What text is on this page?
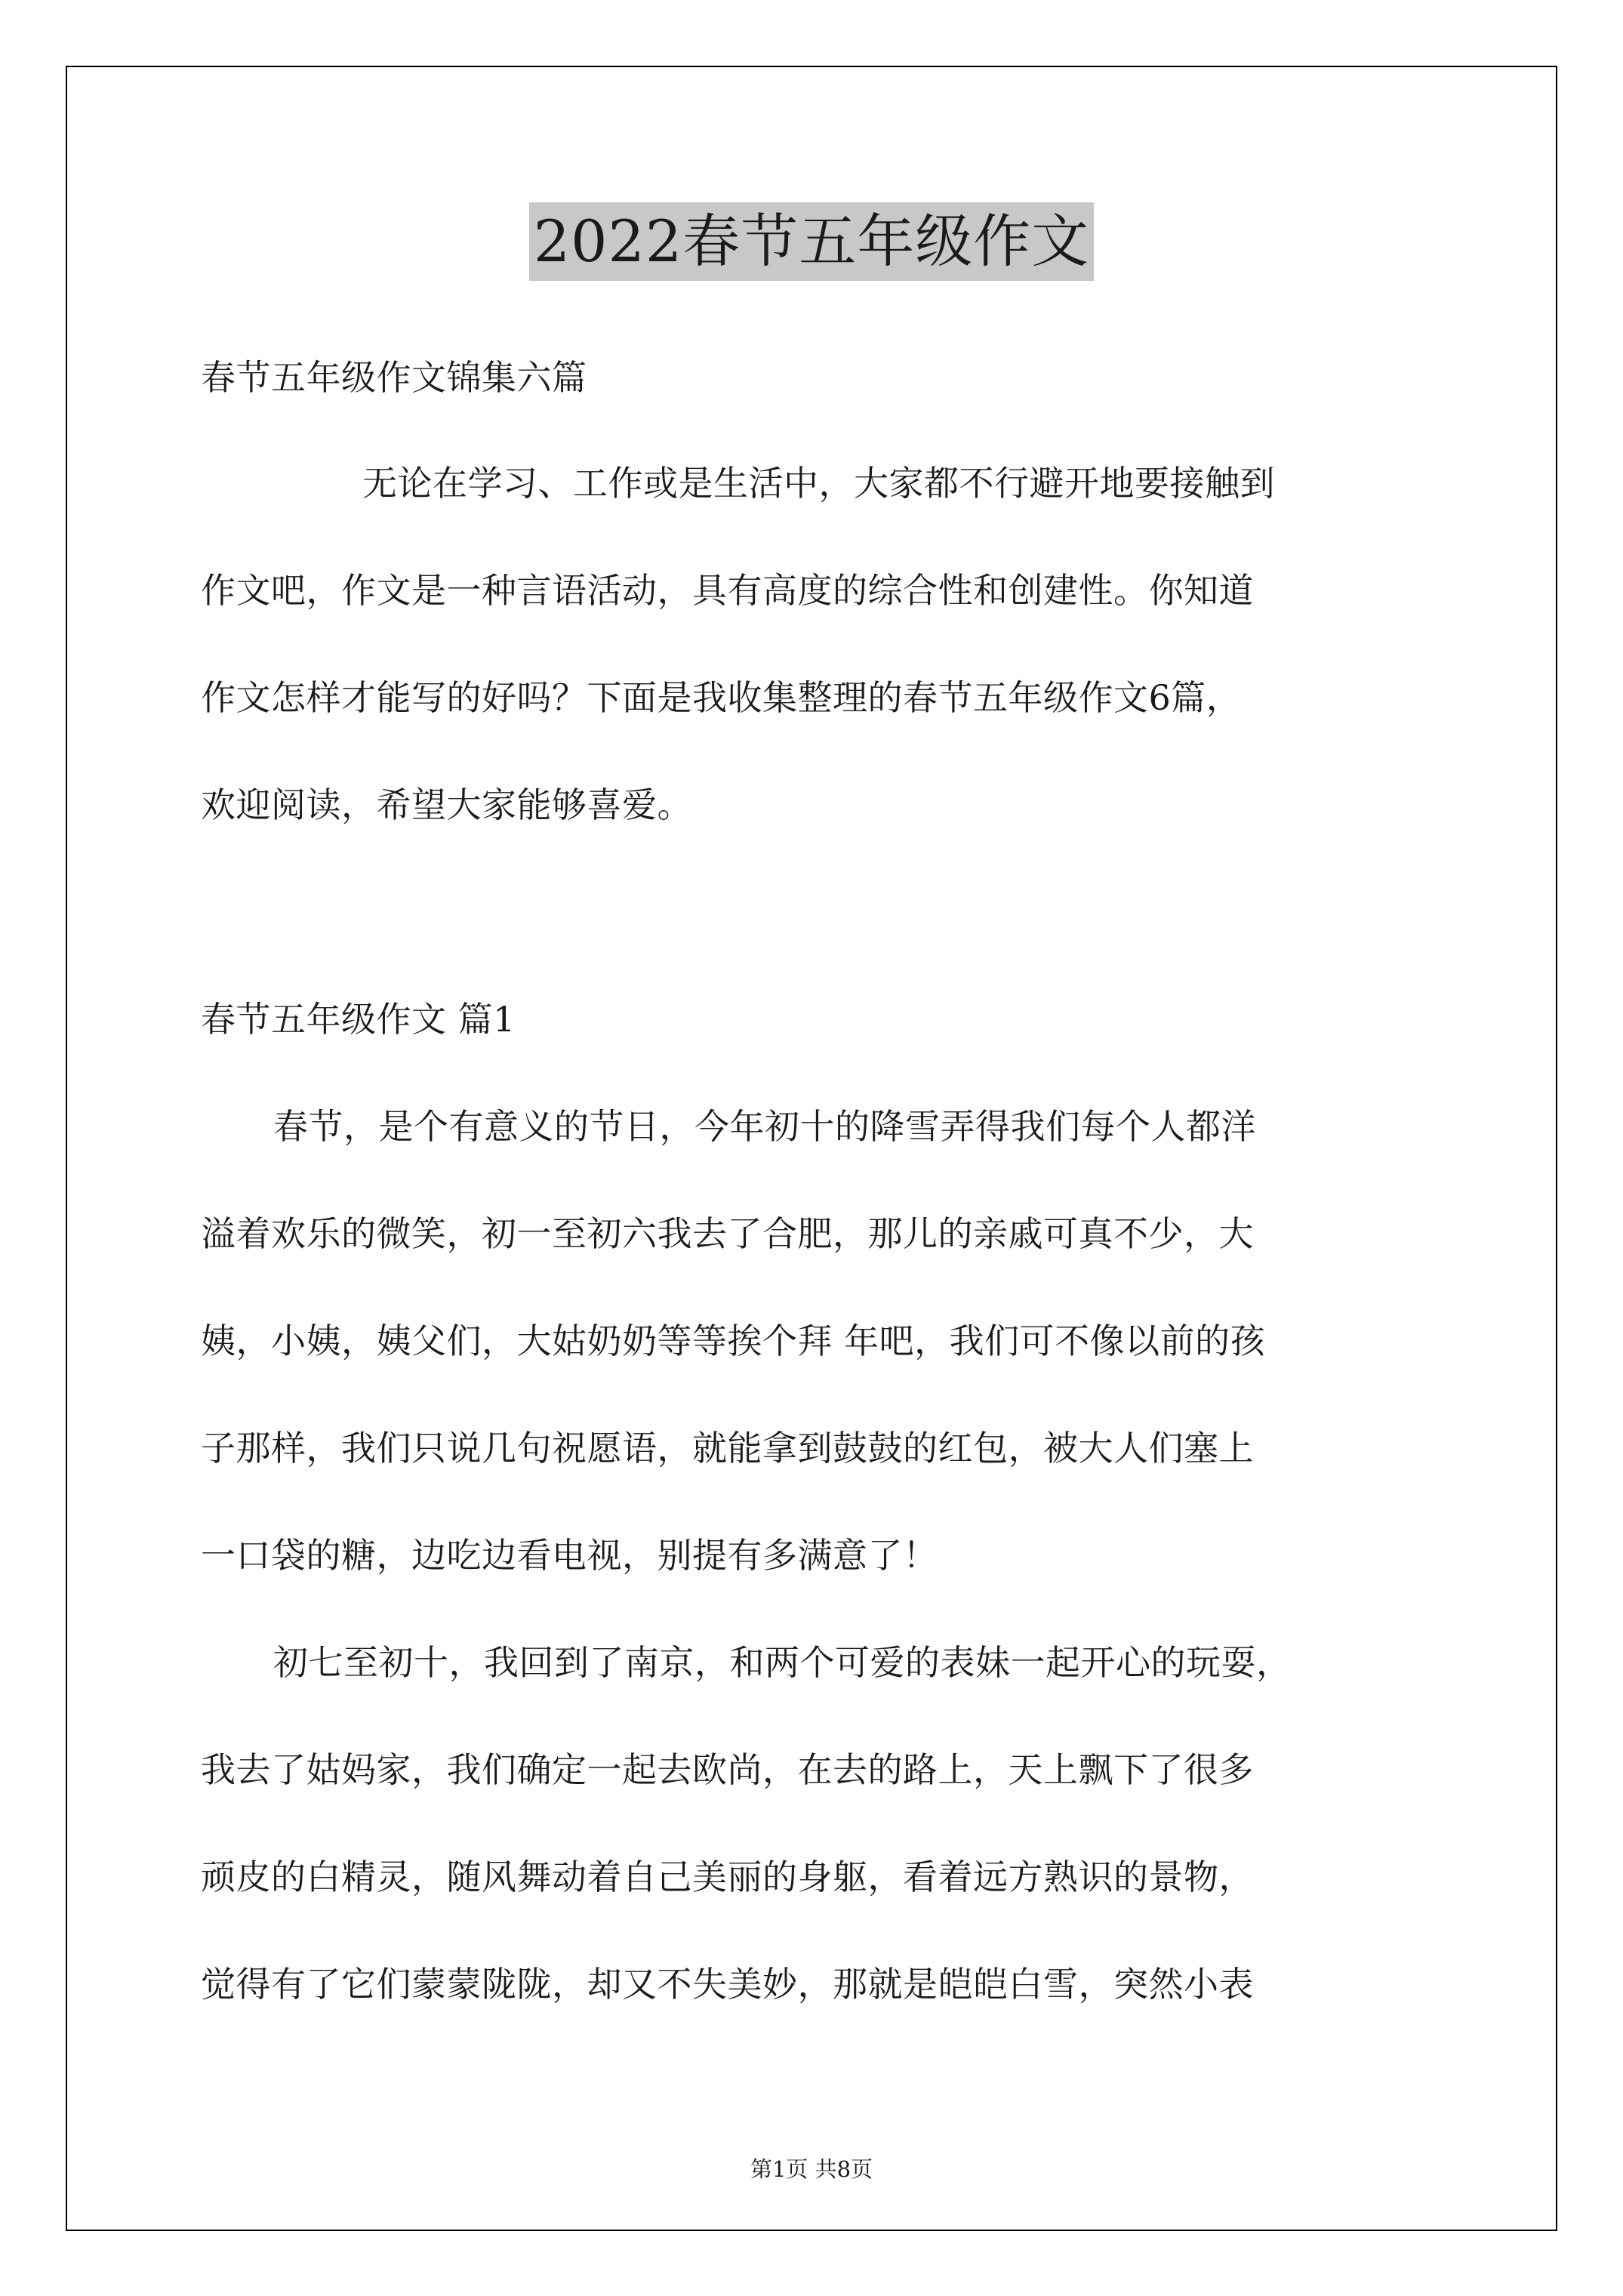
2022春节五年级作文
春节五年级作文锦集六篇
无论在学习、工作或是生活中，大家都不行避开地要接触到
作文吧，作文是一种言语活动，具有高度的综合性和创建性。你知道
作文怎样才能写的好吗？下面是我收集整理的春节五年级作文6篇，
欢迎阅读，希望大家能够喜爱。
春节五年级作文 篇1
春节，是个有意义的节日，今年初十的降雪弄得我们每个人都洋
溢着欢乐的微笑，初一至初六我去了合肥，那儿的亲戚可真不少，大
姨，小姨，姨父们，大姑奶奶等等挨个拜 年吧，我们可不像以前的孩
子那样，我们只说几句祝愿语，就能拿到鼓鼓的红包，被大人们塞上
一口袋的糖，边吃边看电视，别提有多满意了！
初七至初十，我回到了南京，和两个可爱的表妹一起开心的玩耍，
我去了姑妈家，我们确定一起去欧尚，在去的路上，天上飘下了很多
顽皮的白精灵，随风舞动着自己美丽的身躯，看着远方熟识的景物，
觉得有了它们蒙蒙陇陇，却又不失美妙，那就是皑皑白雪，突然小表
第1页 共8页
